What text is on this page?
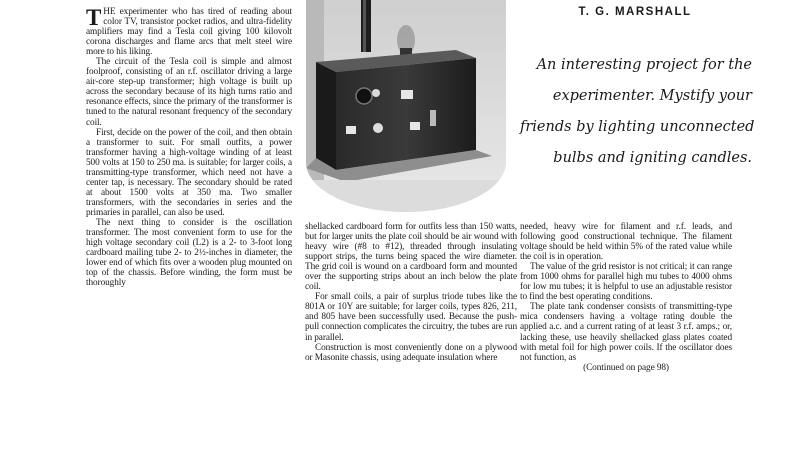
THE experimenter who has tired of reading about color TV, transistor pocket radios, and ultra-fidelity amplifiers may find a Tesla coil giving 100 kilovolt corona discharges and flame arcs that melt steel wire more to his liking.

The circuit of the Tesla coil is simple and almost foolproof, consisting of an r.f. oscillator driving a large air-core step-up transformer; high voltage is built up across the secondary because of its high turns ratio and resonance effects, since the primary of the transformer is tuned to the natural resonant frequency of the secondary coil.

First, decide on the power of the coil, and then obtain a transformer to suit. For small outfits, a power transformer having a high-voltage winding of at least 500 volts at 150 to 250 ma. is suitable; for larger coils, a transmitting-type transformer, which need not have a center tap, is necessary. The secondary should be rated at about 1500 volts at 350 ma. Two smaller transformers, with the secondaries in series and the primaries in parallel, can also be used.

The next thing to consider is the oscillation transformer. The most convenient form to use for the high voltage secondary coil (L2) is a 2- to 3-foot long cardboard mailing tube 2- to 2½-inches in diameter, the lower end of which fits over a wooden plug mounted on top of the chassis. Before winding, the form must be thoroughly

T. G. MARSHALL
An interesting project for the
experimenter. Mystify your
friends by lighting unconnected
bulbs and igniting candles.

shellacked cardboard form for outfits less than 150 watts, but for larger units the plate coil should be air wound with heavy wire (#8 to #12), threaded through insulating support strips, the turns being spaced the wire diameter. The grid coil is wound on a cardboard form and mounted over the supporting strips about an inch below the plate coil.

For small coils, a pair of surplus triode tubes like the 801A or 10Y are suitable; for larger coils, types 826, 211, and 805 have been successfully used. Because the push-pull connection complicates the circuitry, the tubes are run in parallel.

Construction is most conveniently done on a plywood or Masonite chassis, using adequate insulation where

needed, heavy wire for filament and r.f. leads, and following good constructional technique. The filament voltage should be held within 5% of the rated value while the coil is in operation.

The value of the grid resistor is not critical; it can range from 1000 ohms for parallel high mu tubes to 4000 ohms for low mu tubes; it is helpful to use an adjustable resistor to find the best operating conditions.

The plate tank condenser consists of transmitting-type mica condensers having a voltage rating double the applied a.c. and a current rating of at least 3 r.f. amps.; or, lacking these, use heavily shellacked glass plates coated with metal foil for high power coils. If the oscillator does not function, as

(Continued on page 98)
